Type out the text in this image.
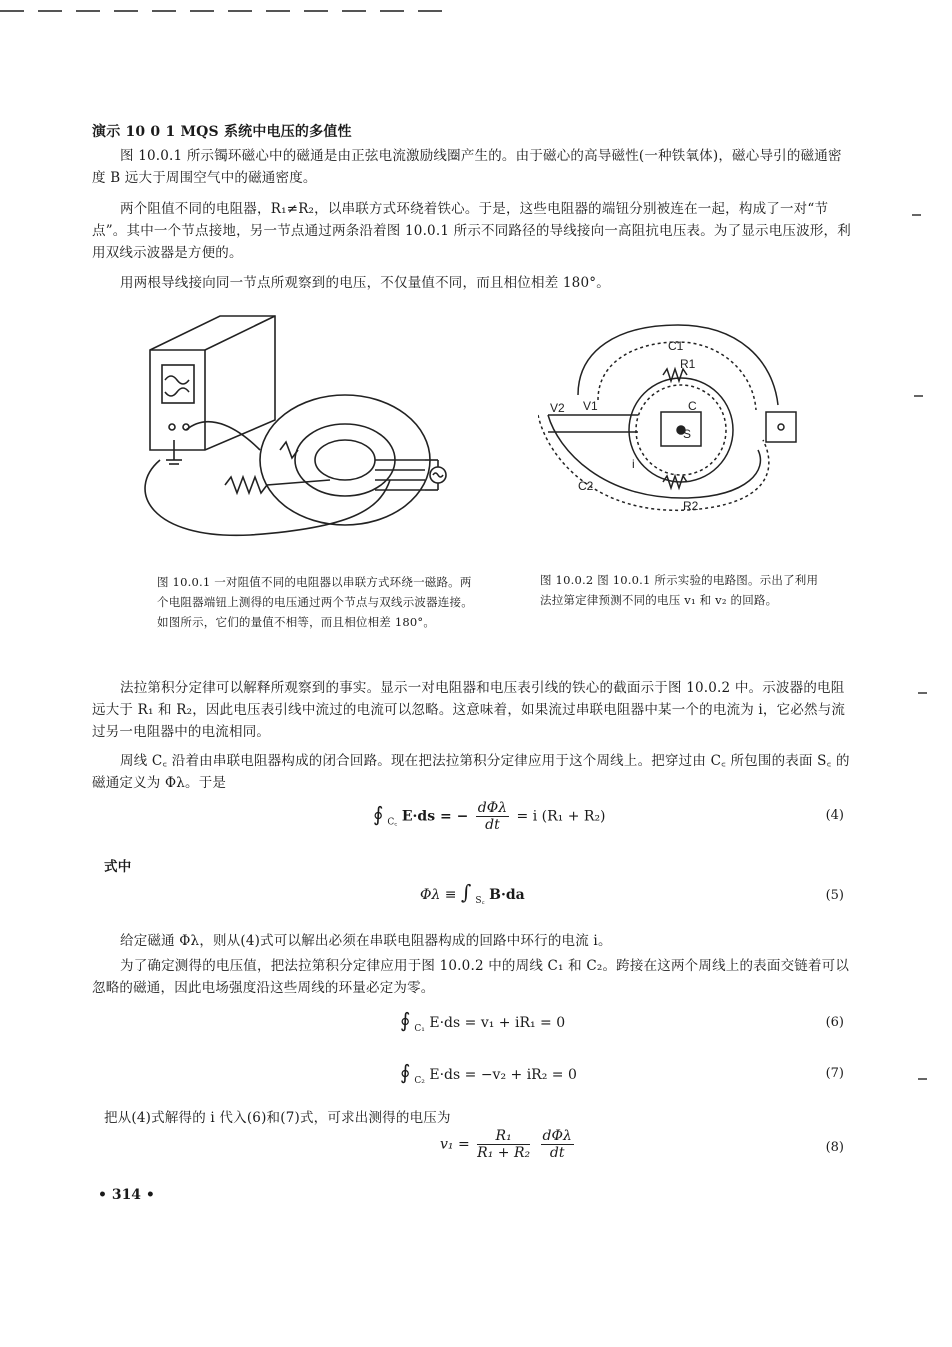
演示 10 0 1 MQS 系统中电压的多值性
图 10.0.1 所示镯环磁心中的磁通是由正弦电流激励线圈产生的。由于磁心的高导磁性(一种铁氧体)，磁心导引的磁通密度 B 远大于周围空气中的磁通密度。
两个阻值不同的电阻器，R₁≠R₂，以串联方式环绕着铁心。于是，这些电阻器的端钮分别被连在一起，构成了一对“节点”。其中一个节点接地，另一节点通过两条沿着图 10.0.1 所示不同路径的导线接向一高阻抗电压表。为了显示电压波形，利用双线示波器是方便的。
用两根导线接向同一节点所观察到的电压，不仅量值不同，而且相位相差 180°。
C1
R1
C
S
V2 V1
i
C2
R2
图 10.0.1 一对阻值不同的电阻器以串联方式环绕一磁路。两个电阻器端钮上测得的电压通过两个节点与双线示波器连接。如图所示，它们的量值不相等，而且相位相差 180°。
图 10.0.2 图 10.0.1 所示实验的电路图。示出了利用法拉第定律预测不同的电压 v₁ 和 v₂ 的回路。
法拉第积分定律可以解释所观察到的事实。显示一对电阻器和电压表引线的铁心的截面示于图 10.0.2 中。示波器的电阻远大于 R₁ 和 R₂，因此电压表引线中流过的电流可以忽略。这意味着，如果流过串联电阻器中某一个的电流为 i，它必然与流过另一电阻器中的电流相同。
周线 C꜀ 沿着由串联电阻器构成的闭合回路。现在把法拉第积分定律应用于这个周线上。把穿过由 C꜀ 所包围的表面 S꜀ 的磁通定义为 Φλ。于是
∮ $_{C꜀}$ E·ds = − $\frac{\text{dΦλ}}{dt} = i$ (R₁ + R₂)	(4)
式中
Φλ ≡ ∫ $_{S꜀}$ B·da	(5)
给定磁通 Φλ，则从(4)式可以解出必须在串联电阻器构成的回路中环行的电流 i。
为了确定测得的电压值，把法拉第积分定律应用于图 10.0.2 中的周线 C₁ 和 C₂。跨接在这两个周线上的表面交链着可以忽略的磁通，因此电场强度沿这些周线的环量必定为零。
∮ $_{C_1}$ E·ds = v₁ + iR₁ = 0	(6)
∮ $_{C_2}$ E·ds = −v₂ + iR₂ = 0	(7)
把从(4)式解得的 i 代入(6)和(7)式，可求出测得的电压为
$v_1 = \frac{\text{R₁}}{\text{R₁ + R₂}}$
$\frac{\text{dΦλ}}{dt}$	(8)
• 314 •
